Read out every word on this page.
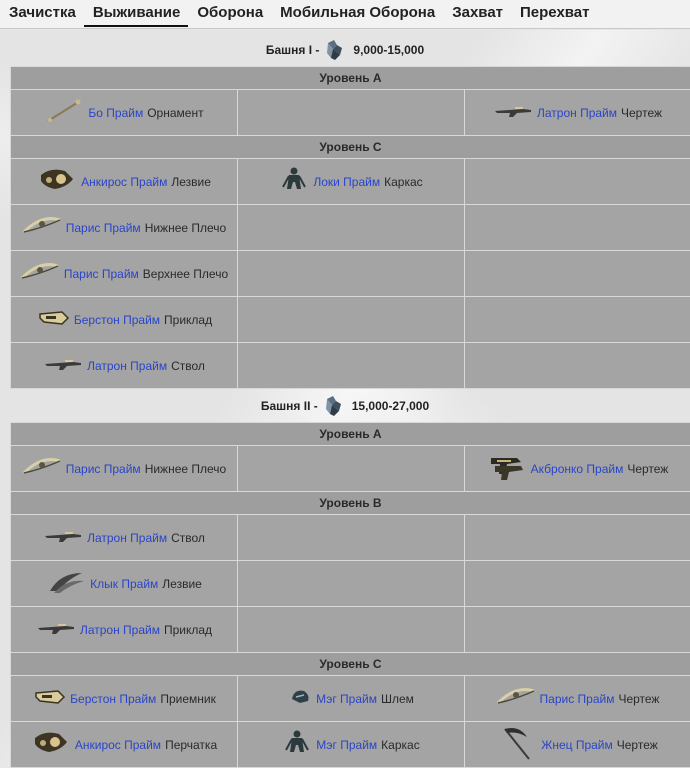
Зачистка	Выживание	Оборона	Мобильная Оборона	Захват	Перехват
Башня I -	9,000-15,000
Уровень A		

Бо Прайм Орнамент		Латрон Прайм Чертеж

Уровень C		

Анкирос Прайм Лезвие	Локи Прайм Каркас	

Парис Прайм Нижнее Плечо		

Парис Прайм Верхнее Плечо		

Берстон Прайм Приклад		

Латрон Прайм Ствол		

Башня II -	15,000-27,000
Уровень A		

Парис Прайм Нижнее Плечо		Акбронко Прайм Чертеж

Уровень B		

Латрон Прайм Ствол		

Клык Прайм Лезвие		

Латрон Прайм Приклад		

Уровень C		

Берстон Прайм Приемник	Мэг Прайм Шлем	Парис Прайм Чертеж

Анкирос Прайм Перчатка	Мэг Прайм Каркас	Жнец Прайм Чертеж
